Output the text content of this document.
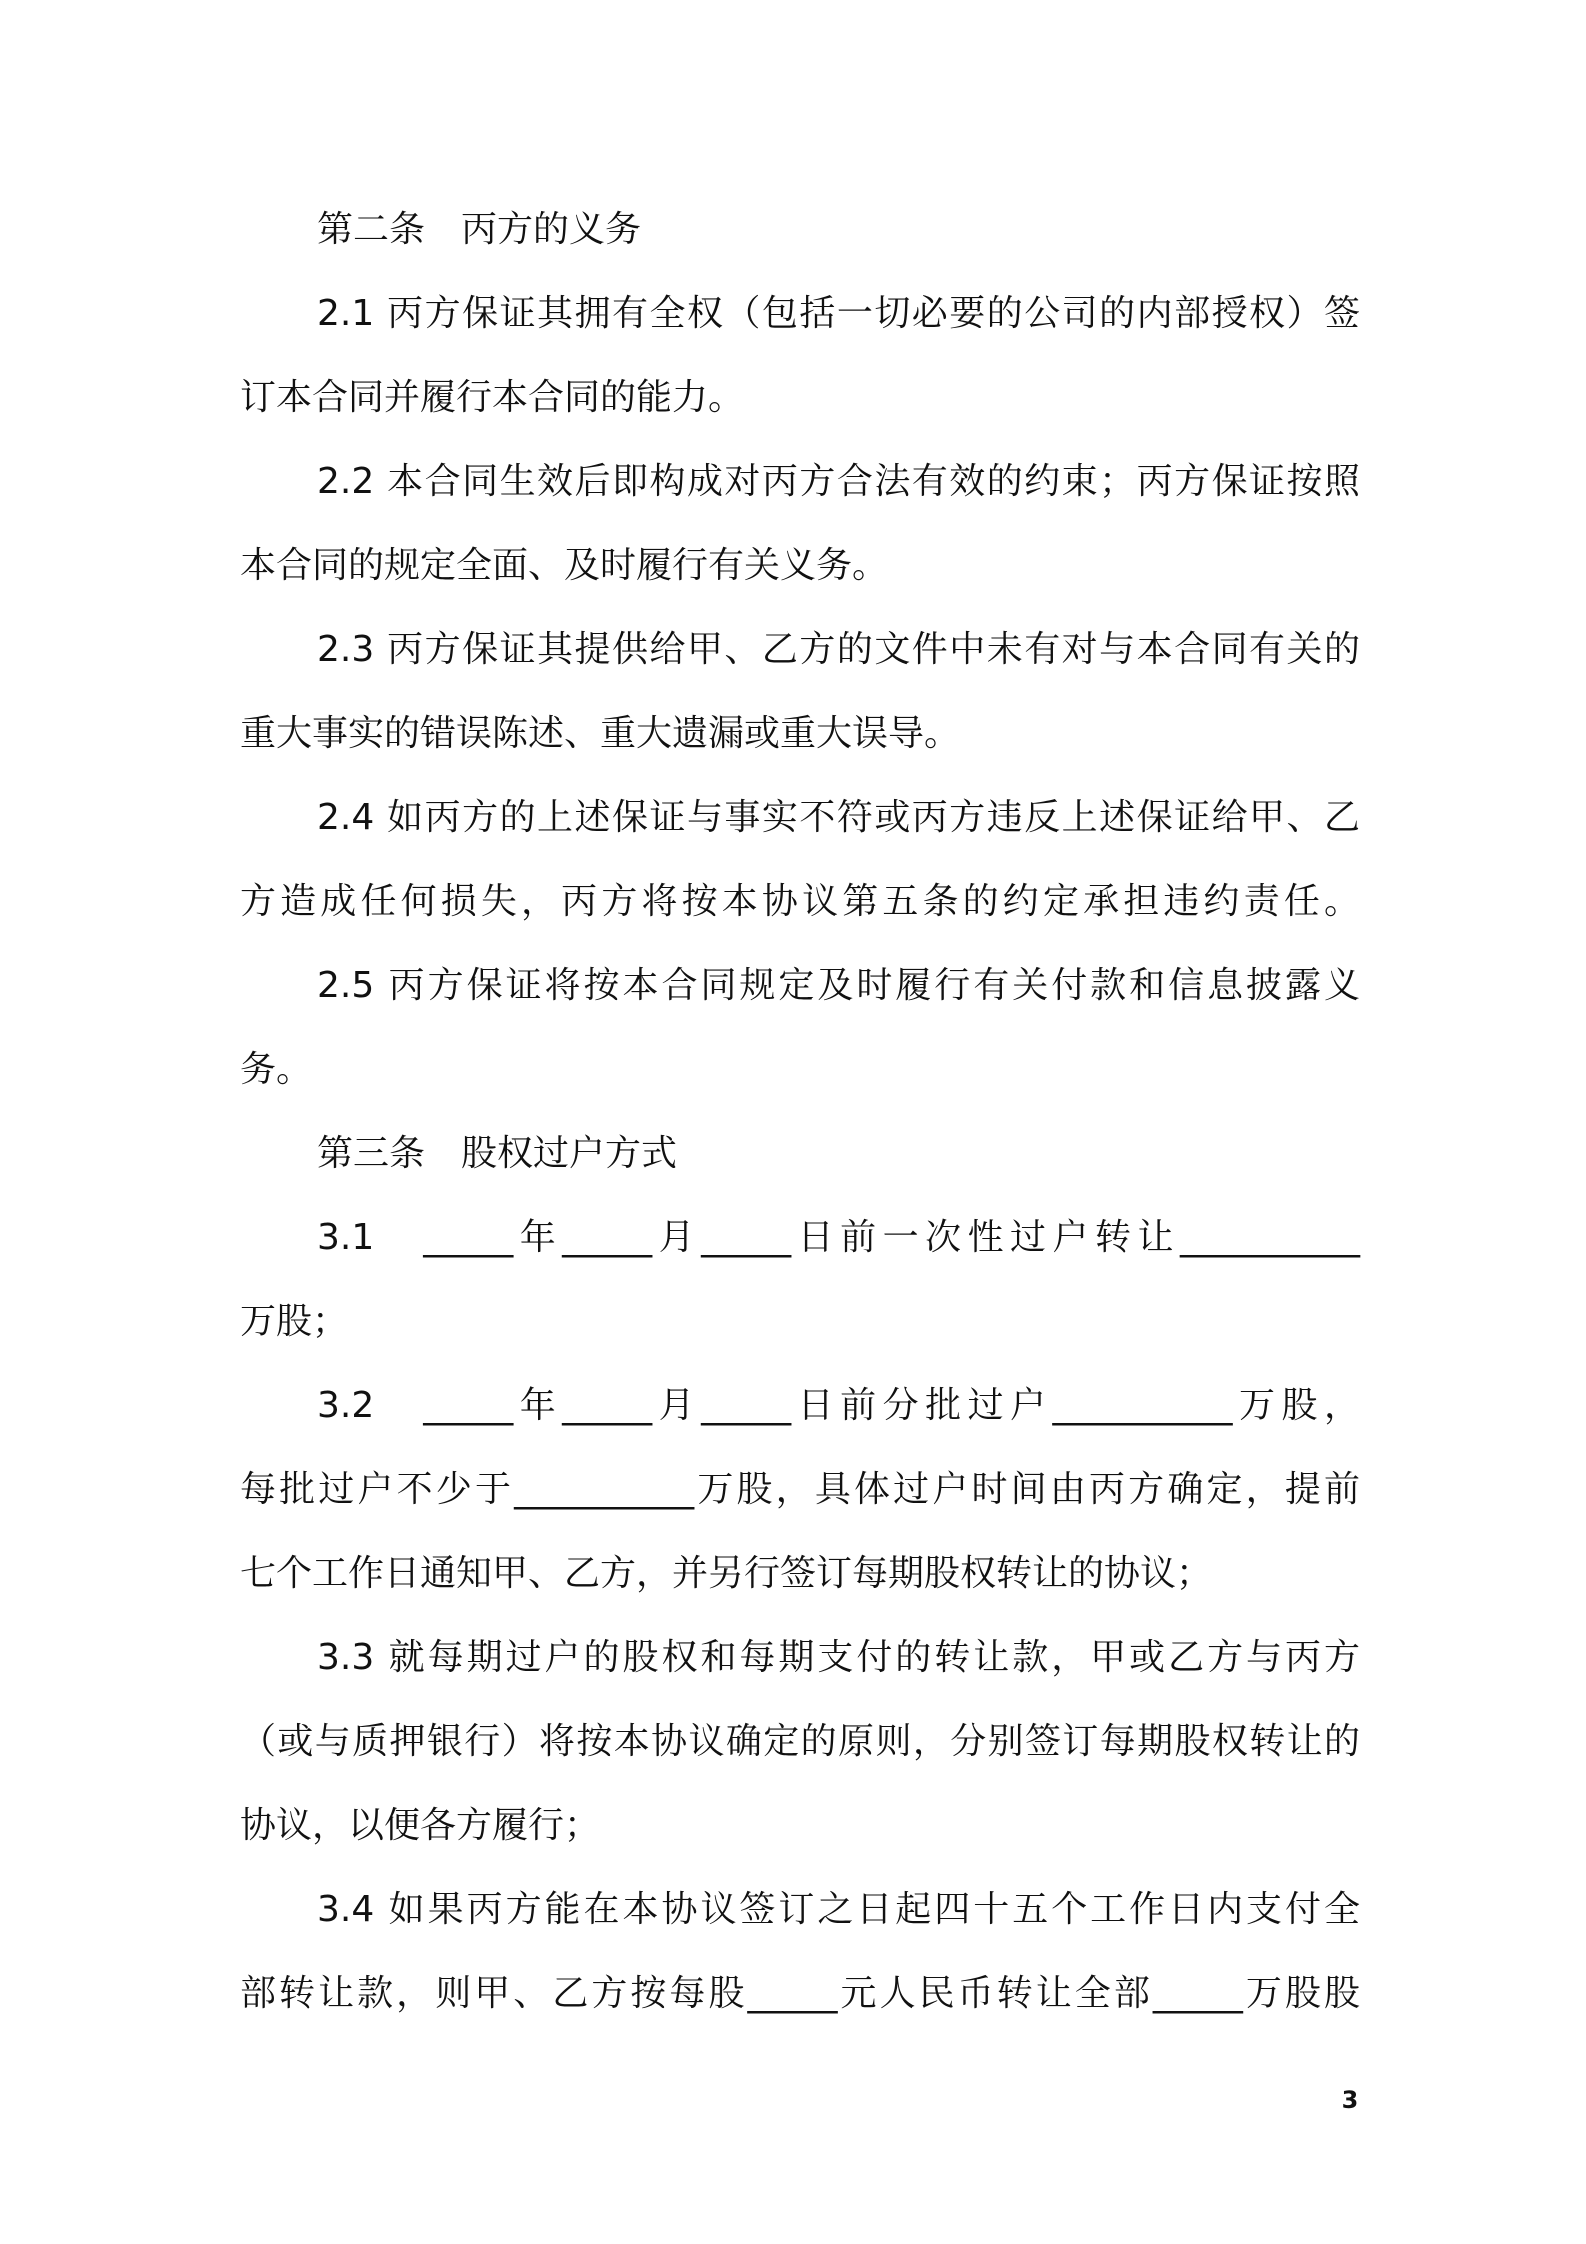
第二条　丙方的义务
2.1 丙方保证其拥有全权（包括一切必要的公司的内部授权）签
订本合同并履行本合同的能力。
2.2 本合同生效后即构成对丙方合法有效的约束；丙方保证按照
本合同的规定全面、及时履行有关义务。
2.3 丙方保证其提供给甲、乙方的文件中未有对与本合同有关的
重大事实的错误陈述、重大遗漏或重大误导。
2.4 如丙方的上述保证与事实不符或丙方违反上述保证给甲、乙
方造成任何损失，丙方将按本协议第五条的约定承担违约责任。
2.5 丙方保证将按本合同规定及时履行有关付款和信息披露义
务。
第三条　股权过户方式
3.1　_____年_____月_____日前一次性过户转让__________
万股；
3.2　_____年_____月_____日前分批过户__________万股，
每批过户不少于__________万股，具体过户时间由丙方确定，提前
七个工作日通知甲、乙方，并另行签订每期股权转让的协议；
3.3 就每期过户的股权和每期支付的转让款，甲或乙方与丙方
（或与质押银行）将按本协议确定的原则，分别签订每期股权转让的
协议，以便各方履行；
3.4 如果丙方能在本协议签订之日起四十五个工作日内支付全
部转让款，则甲、乙方按每股_____元人民币转让全部_____万股股
3
